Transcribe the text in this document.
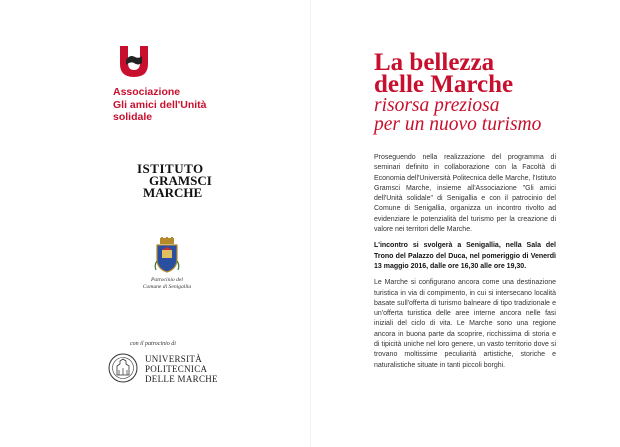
Associazione
Gli amici dell'Unità
solidale
ISTITUTO
GRAMSCI
MARCHE
Patrocinio del
Comune di Senigallia
con il patrocinio di
UNIVERSITÀ
POLITECNICA
DELLE MARCHE
La bellezza
delle Marche
risorsa preziosa
per un nuovo turismo

Proseguendo nella realizzazione del programma di seminari definito in collaborazione con la Facoltà di Economia dell'Università Politecnica delle Marche, l'Istituto Gramsci Marche, insieme all'Associazione "Gli amici dell'Unità solidale" di Senigallia e con il patrocinio del Comune di Senigallia, organizza un incontro rivolto ad evidenziare le potenzialità del turismo per la creazione di valore nei territori delle Marche.

L'incontro si svolgerà a Senigallia, nella Sala del Trono del Palazzo del Duca, nel pomeriggio di Venerdì 13 maggio 2016, dalle ore 16,30 alle ore 19,30.

Le Marche si configurano ancora come una destinazione turistica in via di compimento, in cui si intersecano località basate sull'offerta di turismo balneare di tipo tradizionale e un'offerta turistica delle aree interne ancora nelle fasi iniziali del ciclo di vita. Le Marche sono una regione ancora in buona parte da scoprire, ricchissima di storia e di tipicità uniche nel loro genere, un vasto territorio dove si trovano moltissime peculiarità artistiche, storiche e naturalistiche situate in tanti piccoli borghi.
